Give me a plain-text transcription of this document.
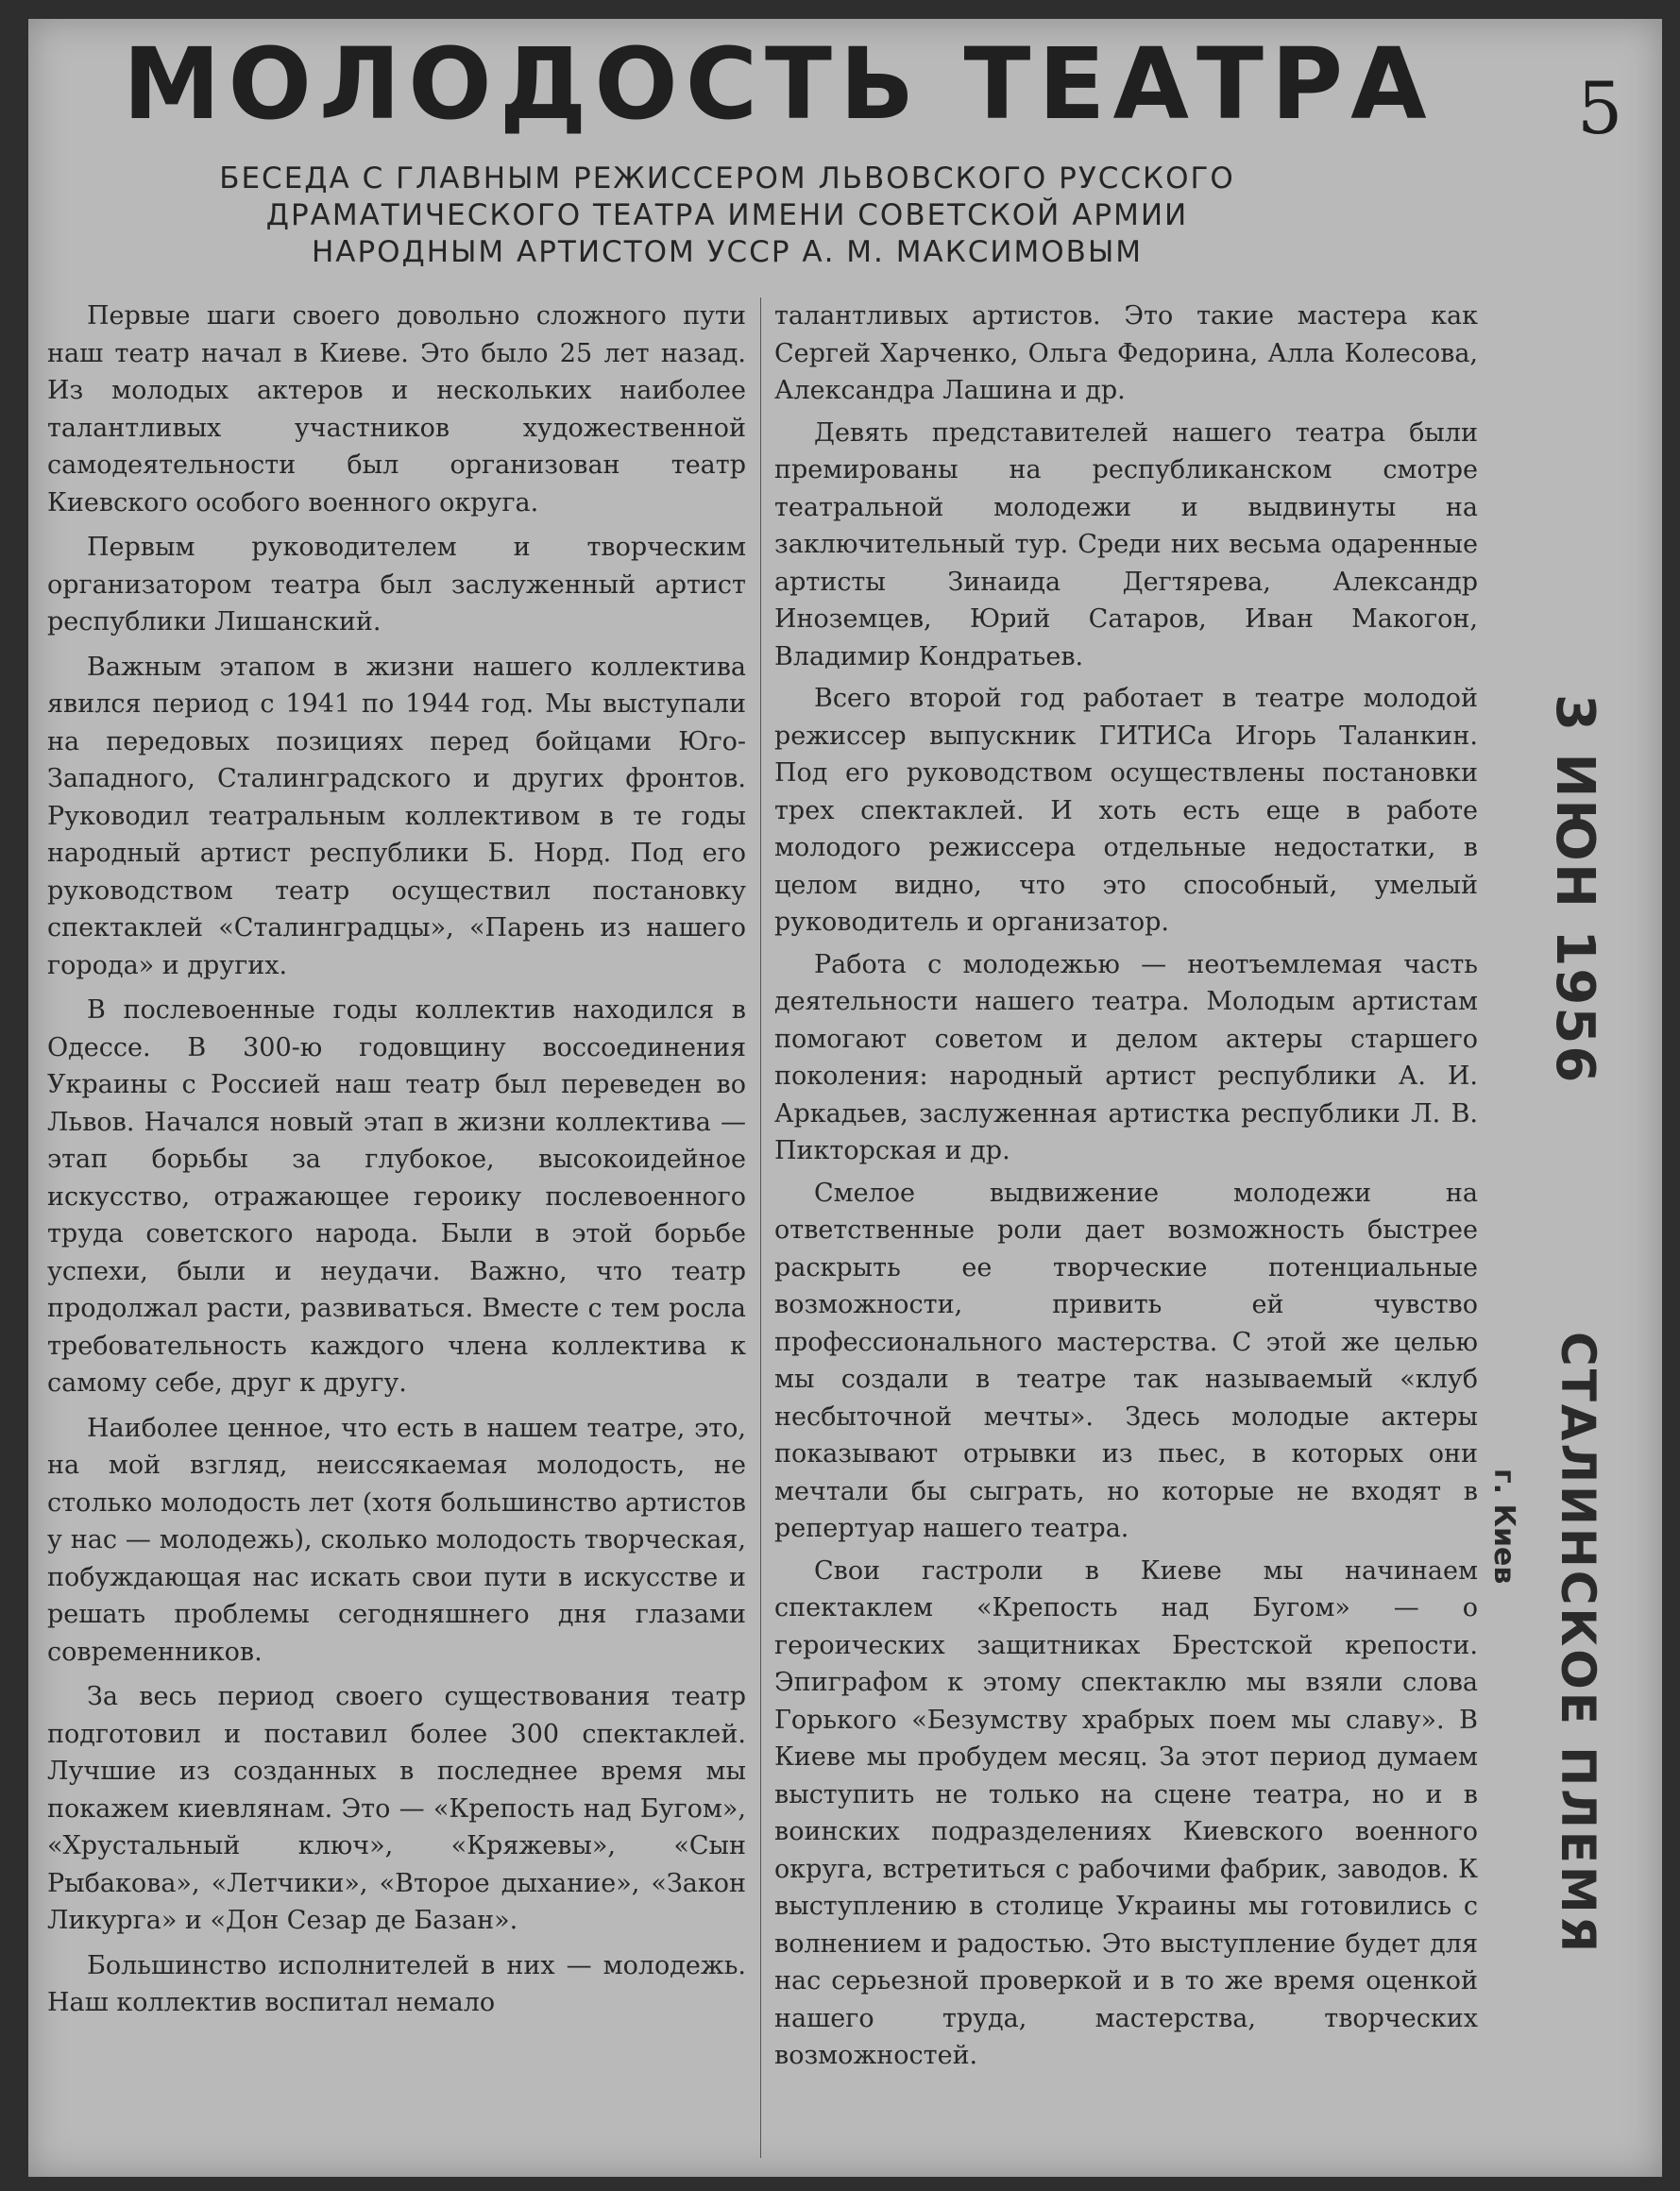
МОЛОДОСТЬ ТЕАТРА
БЕСЕДА С ГЛАВНЫМ РЕЖИССЕРОМ ЛЬВОВСКОГО РУССКОГО
ДРАМАТИЧЕСКОГО ТЕАТРА ИМЕНИ СОВЕТСКОЙ АРМИИ
НАРОДНЫМ АРТИСТОМ УССР А. М. МАКСИМОВЫМ

Первые шаги своего довольно сложного пути наш театр начал в Киеве. Это было 25 лет назад. Из молодых актеров и нескольких наиболее талантливых участников художественной самодеятельности был организован театр Киевского особого военного округа.

Первым руководителем и творческим организатором театра был заслуженный артист республики Лишанский.

Важным этапом в жизни нашего коллектива явился период с 1941 по 1944 год. Мы выступали на передовых позициях перед бойцами Юго-Западного, Сталинградского и других фронтов. Руководил театральным коллективом в те годы народный артист республики Б. Норд. Под его руководством театр осуществил постановку спектаклей «Сталинградцы», «Парень из нашего города» и других.

В послевоенные годы коллектив находился в Одессе. В 300-ю годовщину воссоединения Украины с Россией наш театр был переведен во Львов. Начался новый этап в жизни коллектива — этап борьбы за глубокое, высокоидейное искусство, отражающее героику послевоенного труда советского народа. Были в этой борьбе успехи, были и неудачи. Важно, что театр продолжал расти, развиваться. Вместе с тем росла требовательность каждого члена коллектива к самому себе, друг к другу.

Наиболее ценное, что есть в нашем театре, это, на мой взгляд, неиссякаемая молодость, не столько молодость лет (хотя большинство артистов у нас — молодежь), сколько молодость творческая, побуждающая нас искать свои пути в искусстве и решать проблемы сегодняшнего дня глазами современников.

За весь период своего существования театр подготовил и поставил более 300 спектаклей. Лучшие из созданных в последнее время мы покажем киевлянам. Это — «Крепость над Бугом», «Хрустальный ключ», «Кряжевы», «Сын Рыбакова», «Летчики», «Второе дыхание», «Закон Ликурга» и «Дон Сезар де Базан».

Большинство исполнителей в них — молодежь. Наш коллектив воспитал немало

талантливых артистов. Это такие мастера как Сергей Харченко, Ольга Федорина, Алла Колесова, Александра Лашина и др.

Девять представителей нашего театра были премированы на республиканском смотре театральной молодежи и выдвинуты на заключительный тур. Среди них весьма одаренные артисты Зинаида Дегтярева, Александр Иноземцев, Юрий Сатаров, Иван Макогон, Владимир Кондратьев.

Всего второй год работает в театре молодой режиссер выпускник ГИТИСа Игорь Таланкин. Под его руководством осуществлены постановки трех спектаклей. И хоть есть еще в работе молодого режиссера отдельные недостатки, в целом видно, что это способный, умелый руководитель и организатор.

Работа с молодежью — неотъемлемая часть деятельности нашего театра. Молодым артистам помогают советом и делом актеры старшего поколения: народный артист республики А. И. Аркадьев, заслуженная артистка республики Л. В. Пикторская и др.

Смелое выдвижение молодежи на ответственные роли дает возможность быстрее раскрыть ее творческие потенциальные возможности, привить ей чувство профессионального мастерства. С этой же целью мы создали в театре так называемый «клуб несбыточной мечты». Здесь молодые актеры показывают отрывки из пьес, в которых они мечтали бы сыграть, но которые не входят в репертуар нашего театра.

Свои гастроли в Киеве мы начинаем спектаклем «Крепость над Бугом» — о героических защитниках Брестской крепости. Эпиграфом к этому спектаклю мы взяли слова Горького «Безумству храбрых поем мы славу». В Киеве мы пробудем месяц. За этот период думаем выступить не только на сцене театра, но и в воинских подразделениях Киевского военного округа, встретиться с рабочими фабрик, заводов. К выступлению в столице Украины мы готовились с волнением и радостью. Это выступление будет для нас серьезной проверкой и в то же время оценкой нашего труда, мастерства, творческих возможностей.

5
3 ИЮН 1956
СТАЛИНСКОЕ ПЛЕМЯ
г. Киев
